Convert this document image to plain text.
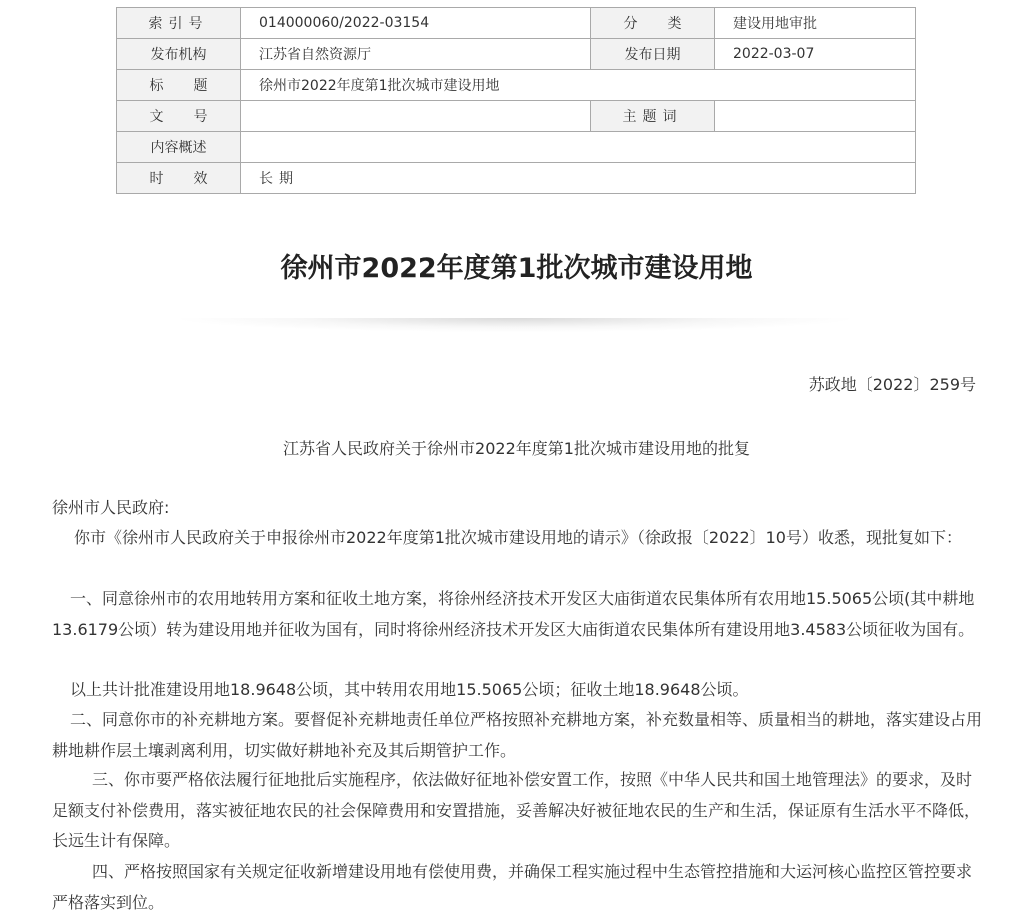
索引号	014000060/2022-03154	分类	建设用地审批
发布机构	江苏省自然资源厅	发布日期	2022-03-07
标题	徐州市2022年度第1批次城市建设用地		
文号		主题词	
内容概述			
时效	长期		
徐州市2022年度第1批次城市建设用地
苏政地〔2022〕259号
江苏省人民政府关于徐州市2022年度第1批次城市建设用地的批复

徐州市人民政府:

你市《徐州市人民政府关于申报徐州市2022年度第1批次城市建设用地的请示》（徐政报〔2022〕10号）收悉，现批复如下：

一、同意徐州市的农用地转用方案和征收土地方案，将徐州经济技术开发区大庙街道农民集体所有农用地15.5065公顷(其中耕地13.6179公顷）转为建设用地并征收为国有，同时将徐州经济技术开发区大庙街道农民集体所有建设用地3.4583公顷征收为国有。

以上共计批准建设用地18.9648公顷，其中转用农用地15.5065公顷；征收土地18.9648公顷。

二、同意你市的补充耕地方案。要督促补充耕地责任单位严格按照补充耕地方案，补充数量相等、质量相当的耕地，落实建设占用耕地耕作层土壤剥离利用，切实做好耕地补充及其后期管护工作。

三、你市要严格依法履行征地批后实施程序，依法做好征地补偿安置工作，按照《中华人民共和国土地管理法》的要求，及时足额支付补偿费用，落实被征地农民的社会保障费用和安置措施，妥善解决好被征地农民的生产和生活，保证原有生活水平不降低，长远生计有保障。

四、严格按照国家有关规定征收新增建设用地有偿使用费，并确保工程实施过程中生态管控措施和大运河核心监控区管控要求严格落实到位。
